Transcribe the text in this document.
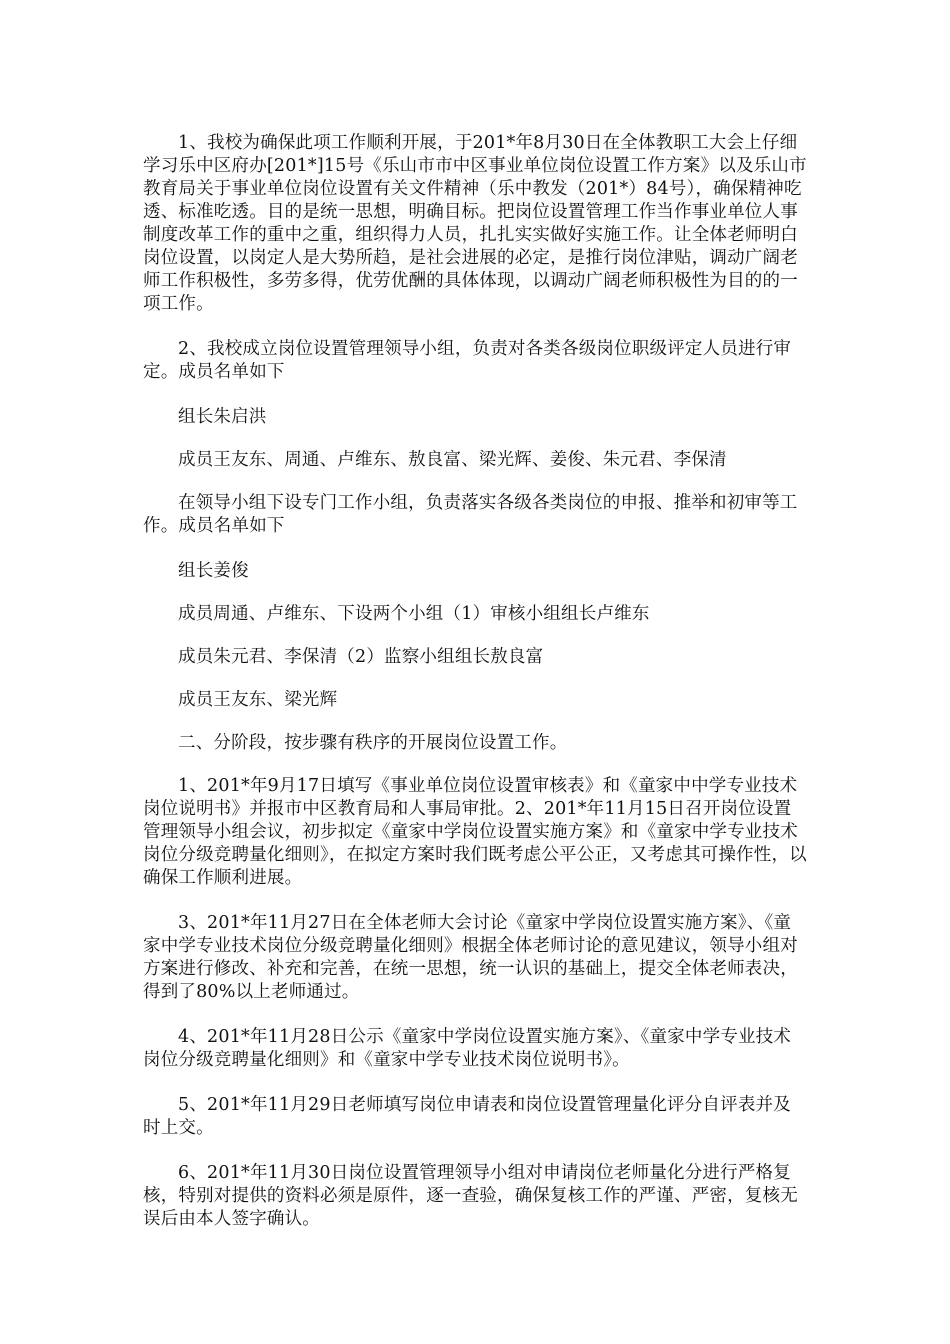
1、我校为确保此项工作顺利开展，于201*年8月30日在全体教职工大会上仔细学习乐中区府办[201*]15号《乐山市市中区事业单位岗位设置工作方案》以及乐山市教育局关于事业单位岗位设置有关文件精神（乐中教发（201*）84号），确保精神吃透、标准吃透。目的是统一思想，明确目标。把岗位设置管理工作当作事业单位人事制度改革工作的重中之重，组织得力人员，扎扎实实做好实施工作。让全体老师明白岗位设置，以岗定人是大势所趋，是社会进展的必定，是推行岗位津贴，调动广阔老师工作积极性，多劳多得，优劳优酬的具体体现，以调动广阔老师积极性为目的的一项工作。

2、我校成立岗位设置管理领导小组，负责对各类各级岗位职级评定人员进行审定。成员名单如下

组长朱启洪

成员王友东、周通、卢维东、敖良富、梁光辉、姜俊、朱元君、李保清

在领导小组下设专门工作小组，负责落实各级各类岗位的申报、推举和初审等工作。成员名单如下

组长姜俊

成员周通、卢维东、下设两个小组（1）审核小组组长卢维东

成员朱元君、李保清（2）监察小组组长敖良富

成员王友东、梁光辉

二、分阶段，按步骤有秩序的开展岗位设置工作。

1、201*年9月17日填写《事业单位岗位设置审核表》和《童家中中学专业技术岗位说明书》并报市中区教育局和人事局审批。2、201*年11月15日召开岗位设置管理领导小组会议，初步拟定《童家中学岗位设置实施方案》和《童家中学专业技术岗位分级竞聘量化细则》，在拟定方案时我们既考虑公平公正，又考虑其可操作性，以确保工作顺利进展。

3、201*年11月27日在全体老师大会讨论《童家中学岗位设置实施方案》、《童家中学专业技术岗位分级竞聘量化细则》根据全体老师讨论的意见建议，领导小组对方案进行修改、补充和完善，在统一思想，统一认识的基础上，提交全体老师表决，得到了80%以上老师通过。

4、201*年11月28日公示《童家中学岗位设置实施方案》、《童家中学专业技术岗位分级竞聘量化细则》和《童家中学专业技术岗位说明书》。

5、201*年11月29日老师填写岗位申请表和岗位设置管理量化评分自评表并及时上交。

6、201*年11月30日岗位设置管理领导小组对申请岗位老师量化分进行严格复核，特别对提供的资料必须是原件，逐一查验，确保复核工作的严谨、严密，复核无误后由本人签字确认。
